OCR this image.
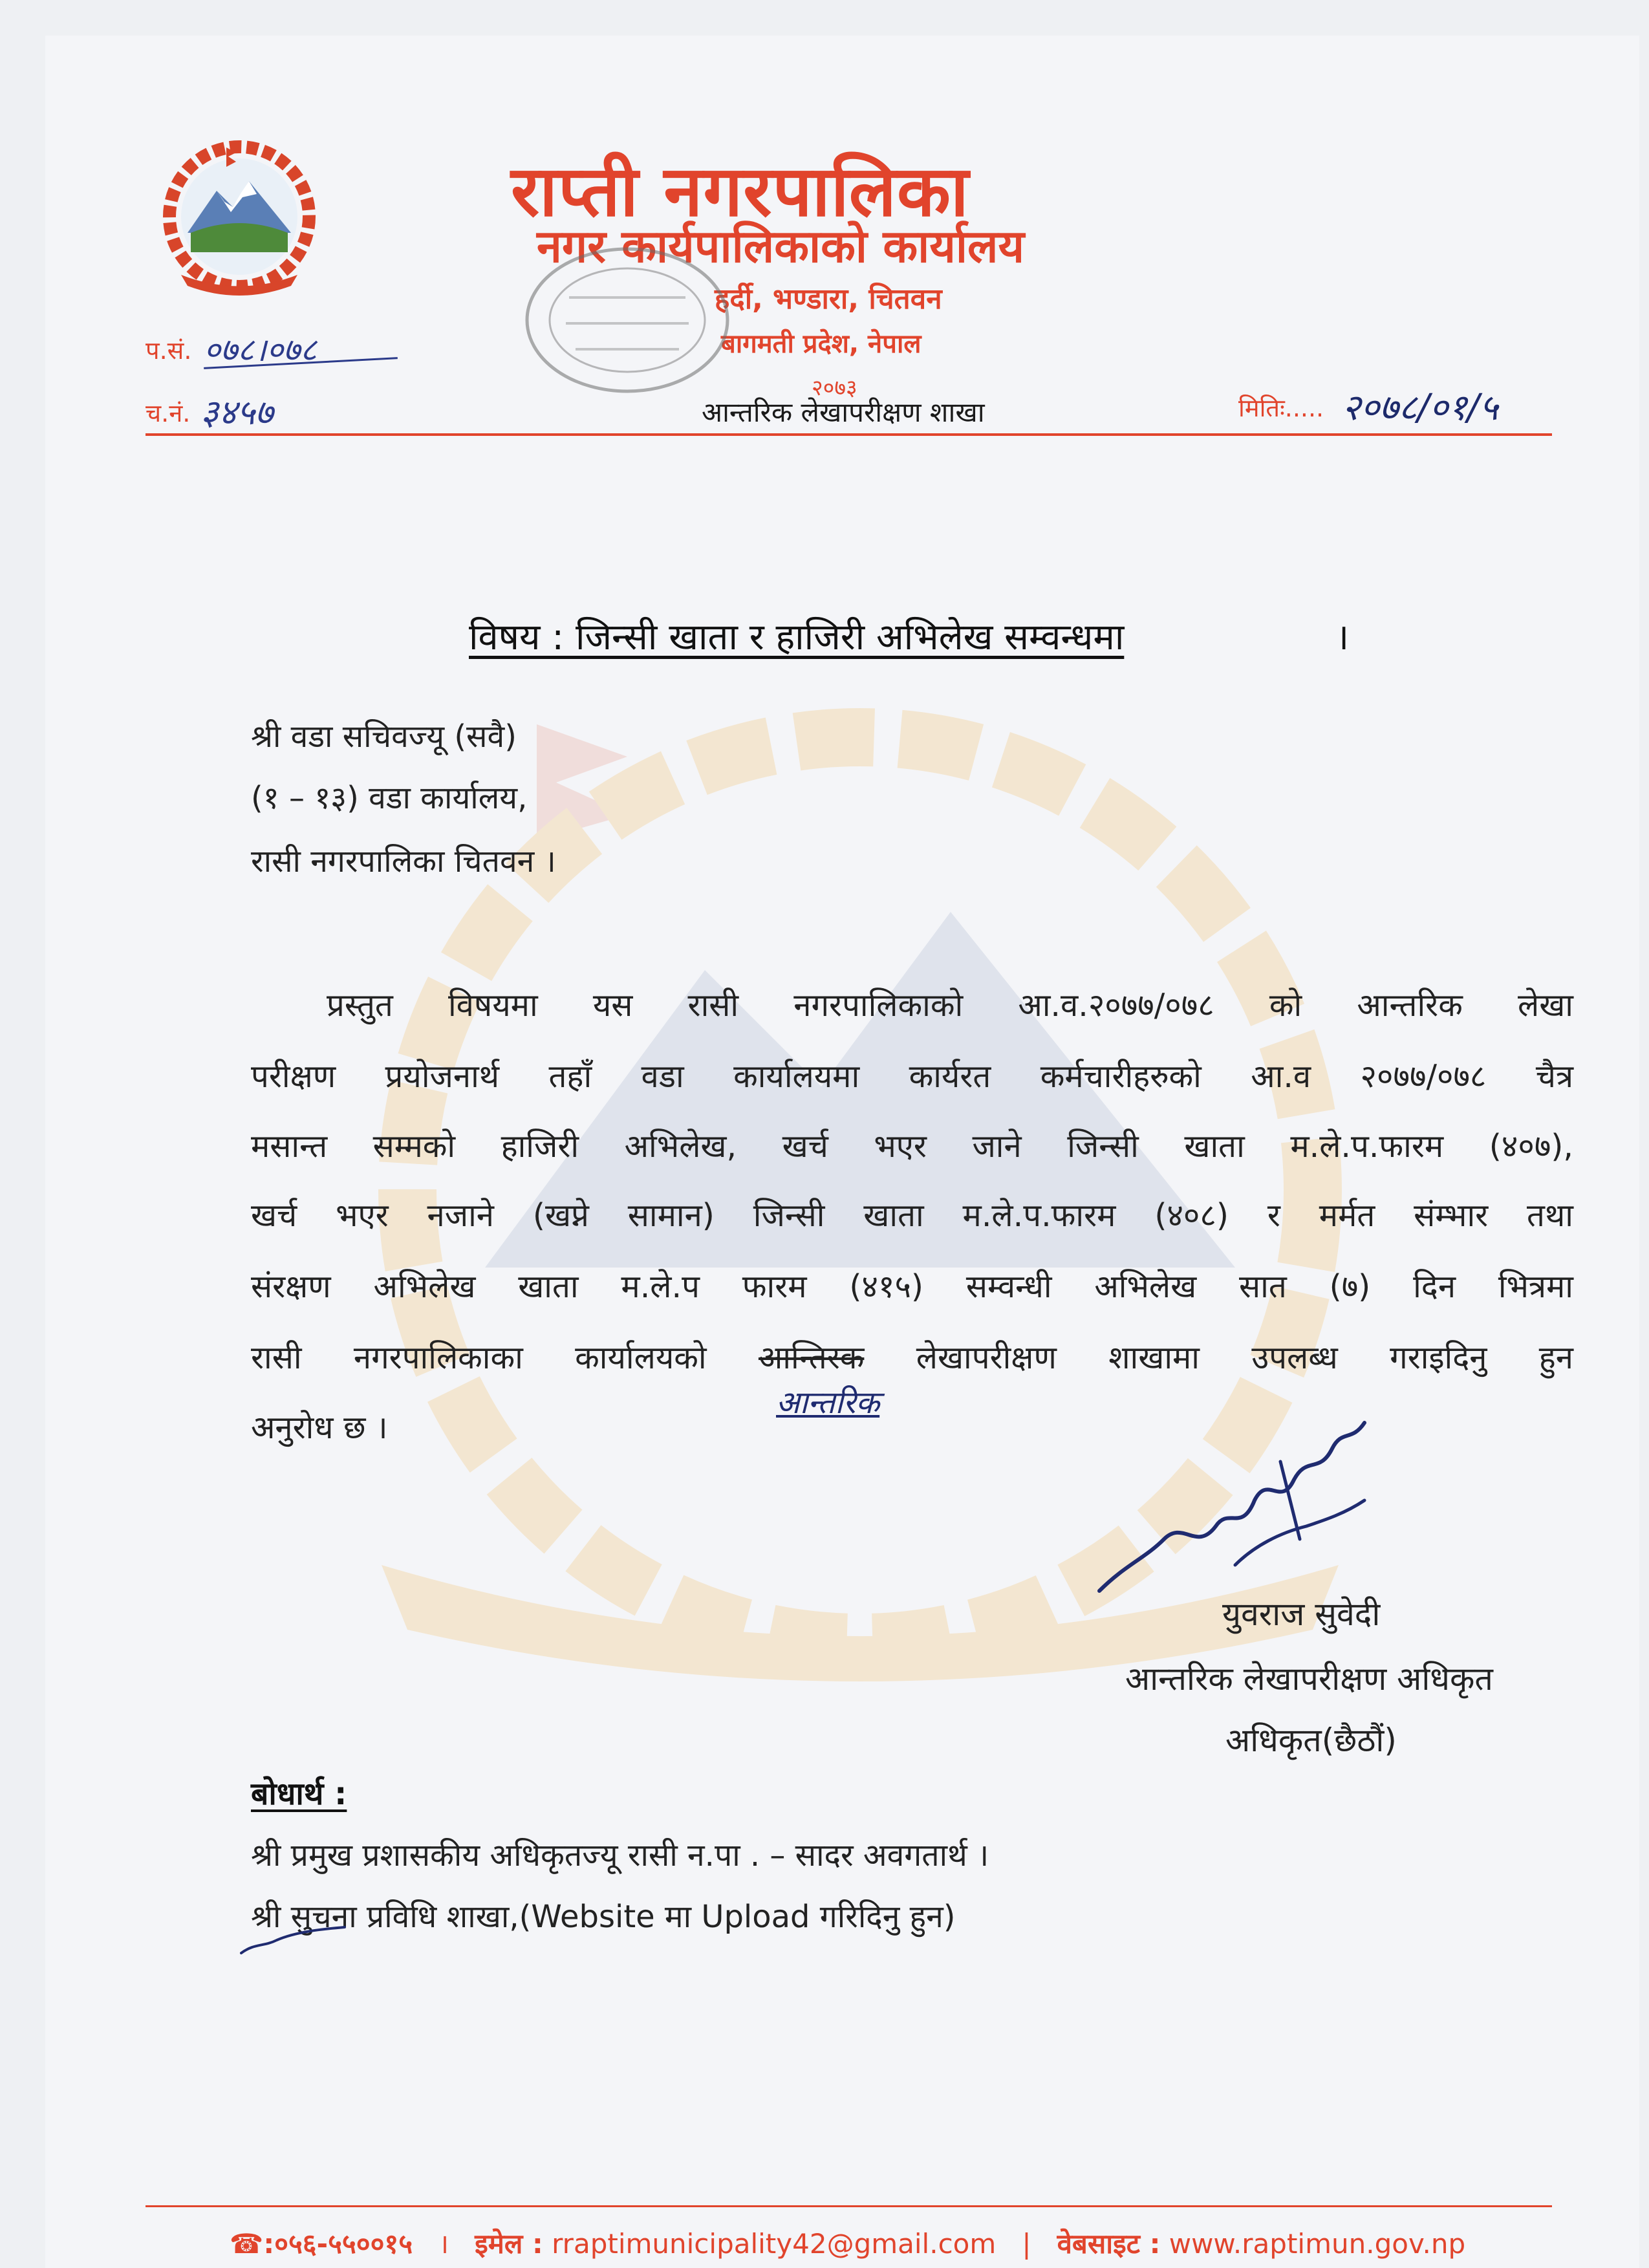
राप्ती नगरपालिका
नगर कार्यपालिकाको कार्यालय
हर्दी, भण्डारा, चितवन
बागमती प्रदेश, नेपाल
प.सं. ०७८।०७८
च.नं. ३४५७
२०७३
आन्तरिक लेखापरीक्षण शाखा	मितिः..... २०७८/०१/५
विषय : जिन्सी खाता र हाजिरी अभिलेख सम्वन्धमा	।
श्री वडा सचिवज्यू (सवै)
(१ – १३) वडा कार्यालय,
रासी नगरपालिका चितवन ।
प्रस्तुत विषयमा यस रासी नगरपालिकाको आ.व.२०७७/०७८ को आन्तरिक लेखा
परीक्षण प्रयोजनार्थ तहाँ वडा कार्यालयमा कार्यरत कर्मचारीहरुको आ.व २०७७/०७८ चैत्र
मसान्त सम्मको हाजिरी अभिलेख, खर्च भएर जाने जिन्सी खाता म.ले.प.फारम (४०७),
खर्च भएर नजाने (खप्ने सामान) जिन्सी खाता म.ले.प.फारम (४०८) र मर्मत संम्भार तथा
संरक्षण अभिलेख खाता म.ले.प फारम (४१५) सम्वन्धी अभिलेख सात (७) दिन भित्रमा
रासी नगरपालिकाका कार्यालयको आन्तिरक लेखापरीक्षण शाखामा उपलब्ध गराइदिनु हुन
आन्तरिक
अनुरोध छ ।
युवराज सुवेदी
आन्तरिक लेखापरीक्षण अधिकृत
अधिकृत(छैठौं)
बोधार्थ :
श्री प्रमुख प्रशासकीय अधिकृतज्यू रासी न.पा . – सादर अवगतार्थ ।
श्री सुचना प्रविधि शाखा,(Website मा Upload गरिदिनु हुन)
☎:०५६-५५००१५ । इमेल : rraptimunicipality42@gmail.com | वेबसाइट : www.raptimun.gov.np
